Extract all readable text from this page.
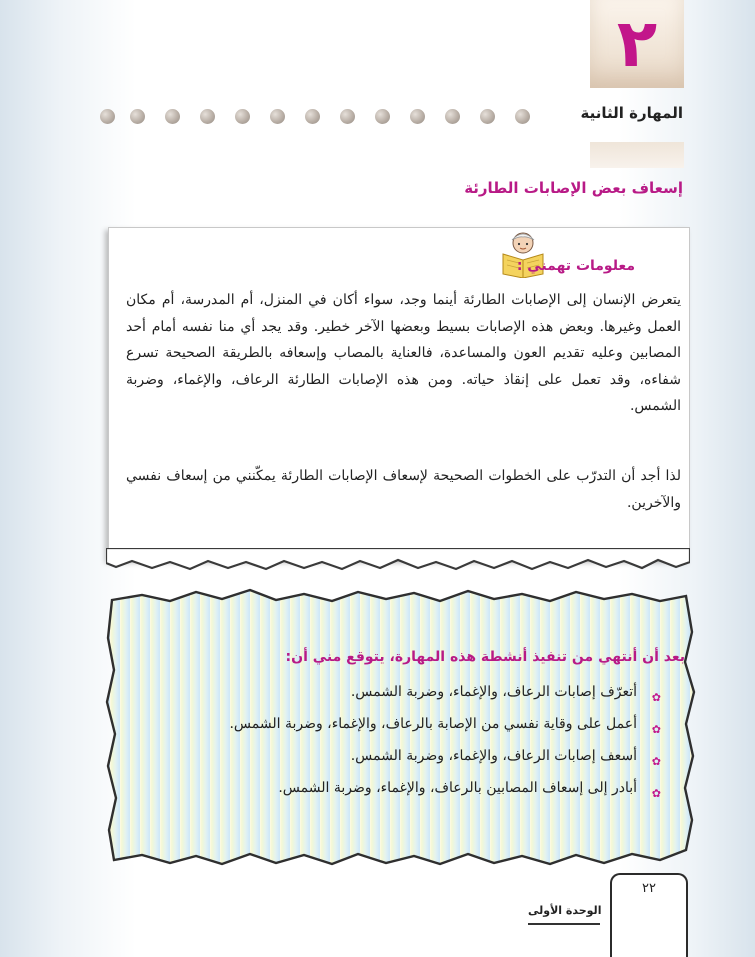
٢
المهارة الثانية
إسعاف بعض الإصابات الطارئة
معلومات تهمني :
يتعرض الإنسان إلى الإصابات الطارئة أينما وجد، سواء أكان في المنزل، أم المدرسة، أم مكان العمل وغيرها. وبعض هذه الإصابات بسيط وبعضها الآخر خطير. وقد يجد أي منا نفسه أمام أحد المصابين وعليه تقديم العون والمساعدة، فالعناية بالمصاب وإسعافه بالطريقة الصحيحة تسرع شفاءه، وقد تعمل على إنقاذ حياته. ومن هذه الإصابات الطارئة الرعاف، والإغماء، وضربة الشمس.
لذا أجد أن التدرّب على الخطوات الصحيحة لإسعاف الإصابات الطارئة يمكّنني من إسعاف نفسي والآخرين.
بعد أن أنتهي من تنفيذ أنشطة هذه المهارة، يتوقع مني أن:
✿
أتعرّف إصابات الرعاف، والإغماء، وضربة الشمس.
✿
أعمل على وقاية نفسي من الإصابة بالرعاف، والإغماء، وضربة الشمس.
✿
أسعف إصابات الرعاف، والإغماء، وضربة الشمس.
✿
أبادر إلى إسعاف المصابين بالرعاف، والإغماء، وضربة الشمس.
٢٢
الوحدة الأولى
